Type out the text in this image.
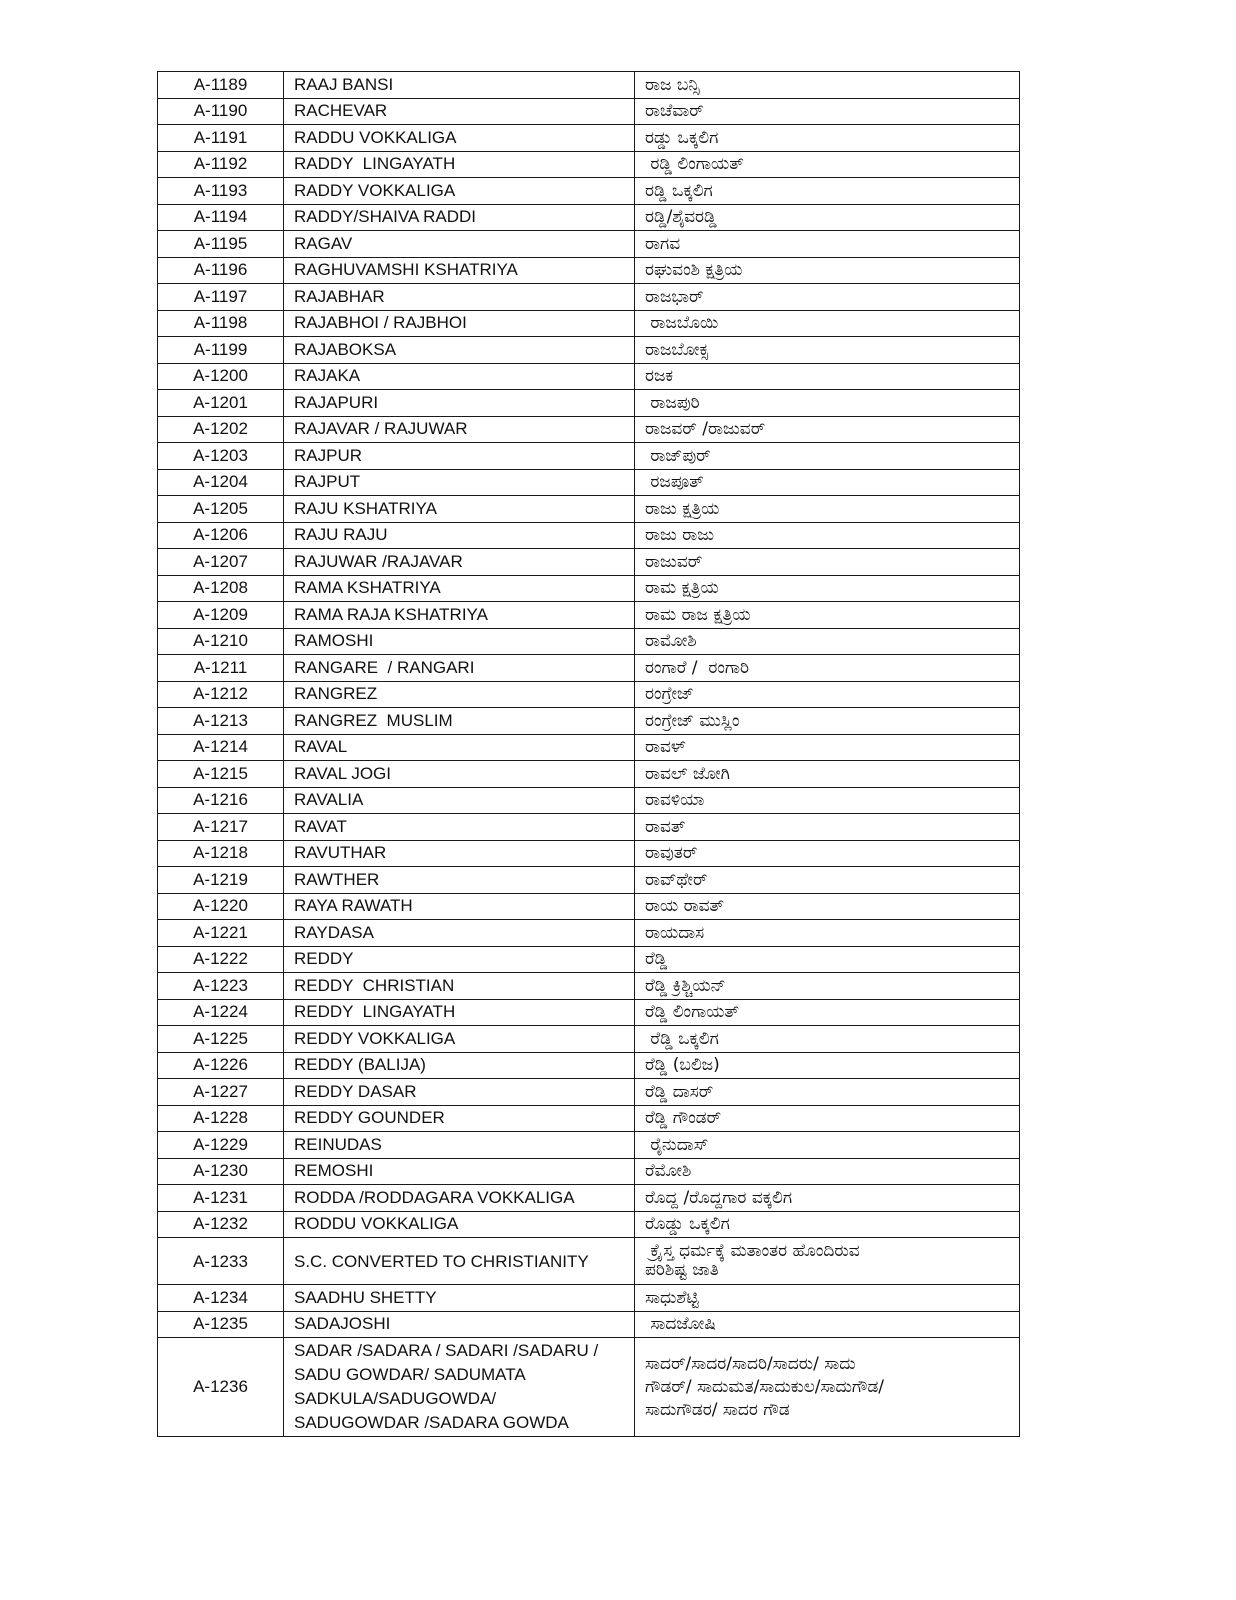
A-1189	RAAJ BANSI	ರಾಜ ಬನ್ಸಿ
A-1190	RACHEVAR	ರಾಚೆವಾರ್
A-1191	RADDU VOKKALIGA	ರಡ್ಡು ಒಕ್ಕಲಿಗ
A-1192	RADDY  LINGAYATH	ರಡ್ಡಿ ಲಿಂಗಾಯತ್
A-1193	RADDY VOKKALIGA	ರಡ್ಡಿ ಒಕ್ಕಲಿಗ
A-1194	RADDY/SHAIVA RADDI	ರಡ್ಡಿ/ಶೈವರಡ್ಡಿ
A-1195	RAGAV	ರಾಗವ
A-1196	RAGHUVAMSHI KSHATRIYA	ರಘುವಂಶಿ ಕ್ಷತ್ರಿಯ
A-1197	RAJABHAR	ರಾಜಭಾರ್
A-1198	RAJABHOI / RAJBHOI	ರಾಜಬೊಯಿ
A-1199	RAJABOKSA	ರಾಜಬೋಕ್ಸ
A-1200	RAJAKA	ರಜಕ
A-1201	RAJAPURI	ರಾಜಪುರಿ
A-1202	RAJAVAR / RAJUWAR	ರಾಜವರ್ /ರಾಜುವರ್
A-1203	RAJPUR	ರಾಜ್‌ಪುರ್
A-1204	RAJPUT	ರಜಪೂತ್
A-1205	RAJU KSHATRIYA	ರಾಜು ಕ್ಷತ್ರಿಯ
A-1206	RAJU RAJU	ರಾಜು ರಾಜು
A-1207	RAJUWAR /RAJAVAR	ರಾಜುವರ್
A-1208	RAMA KSHATRIYA	ರಾಮ ಕ್ಷತ್ರಿಯ
A-1209	RAMA RAJA KSHATRIYA	ರಾಮ ರಾಜ ಕ್ಷತ್ರಿಯ
A-1210	RAMOSHI	ರಾಮೋಶಿ
A-1211	RANGARE  / RANGARI	ರಂಗಾರೆ /  ರಂಗಾರಿ
A-1212	RANGREZ	ರಂಗ್ರೇಜ್
A-1213	RANGREZ  MUSLIM	ರಂಗ್ರೇಜ್ ಮುಸ್ಲಿಂ
A-1214	RAVAL	ರಾವಳ್
A-1215	RAVAL JOGI	ರಾವಲ್ ಜೋಗಿ
A-1216	RAVALIA	ರಾವಳಿಯಾ
A-1217	RAVAT	ರಾವತ್
A-1218	RAVUTHAR	ರಾವುತರ್
A-1219	RAWTHER	ರಾವ್‌ಥೇರ್
A-1220	RAYA RAWATH	ರಾಯ ರಾವತ್
A-1221	RAYDASA	ರಾಯದಾಸ
A-1222	REDDY	ರೆಡ್ಡಿ
A-1223	REDDY  CHRISTIAN	ರೆಡ್ಡಿ ಕ್ರಿಶ್ಚಿಯನ್
A-1224	REDDY  LINGAYATH	ರೆಡ್ಡಿ ಲಿಂಗಾಯತ್
A-1225	REDDY VOKKALIGA	ರೆಡ್ಡಿ ಒಕ್ಕಲಿಗ
A-1226	REDDY (BALIJA)	ರೆಡ್ಡಿ (ಬಲಿಜ)
A-1227	REDDY DASAR	ರೆಡ್ಡಿ ದಾಸರ್
A-1228	REDDY GOUNDER	ರೆಡ್ಡಿ ಗೌಂಡರ್
A-1229	REINUDAS	ರೈನುದಾಸ್
A-1230	REMOSHI	ರೆಮೋಶಿ
A-1231	RODDA /RODDAGARA VOKKALIGA	ರೊದ್ದ /ರೊದ್ದಗಾರ ವಕ್ಕಲಿಗ
A-1232	RODDU VOKKALIGA	ರೊಡ್ಡು ಒಕ್ಕಲಿಗ
A-1233	S.C. CONVERTED TO CHRISTIANITY	ಕ್ರೈಸ್ತ ಧರ್ಮಕ್ಕೆ ಮತಾಂತರ ಹೊಂದಿರುವ
ಪರಿಶಿಷ್ಟ ಜಾತಿ
A-1234	SAADHU SHETTY	ಸಾಧುಶೆಟ್ಟಿ
A-1235	SADAJOSHI	ಸಾದಜೋಷಿ
A-1236	SADAR /SADARA / SADARI /SADARU /
SADU GOWDAR/ SADUMATA
SADKULA/SADUGOWDA/
SADUGOWDAR /SADARA GOWDA	ಸಾದರ್/ಸಾದರ/ಸಾದರಿ/ಸಾದರು/ ಸಾದು
ಗೌಡರ್/ ಸಾದುಮತ/ಸಾದುಕುಲ/ಸಾದುಗೌಡ/
ಸಾದುಗೌಡರ/ ಸಾದರ ಗೌಡ
